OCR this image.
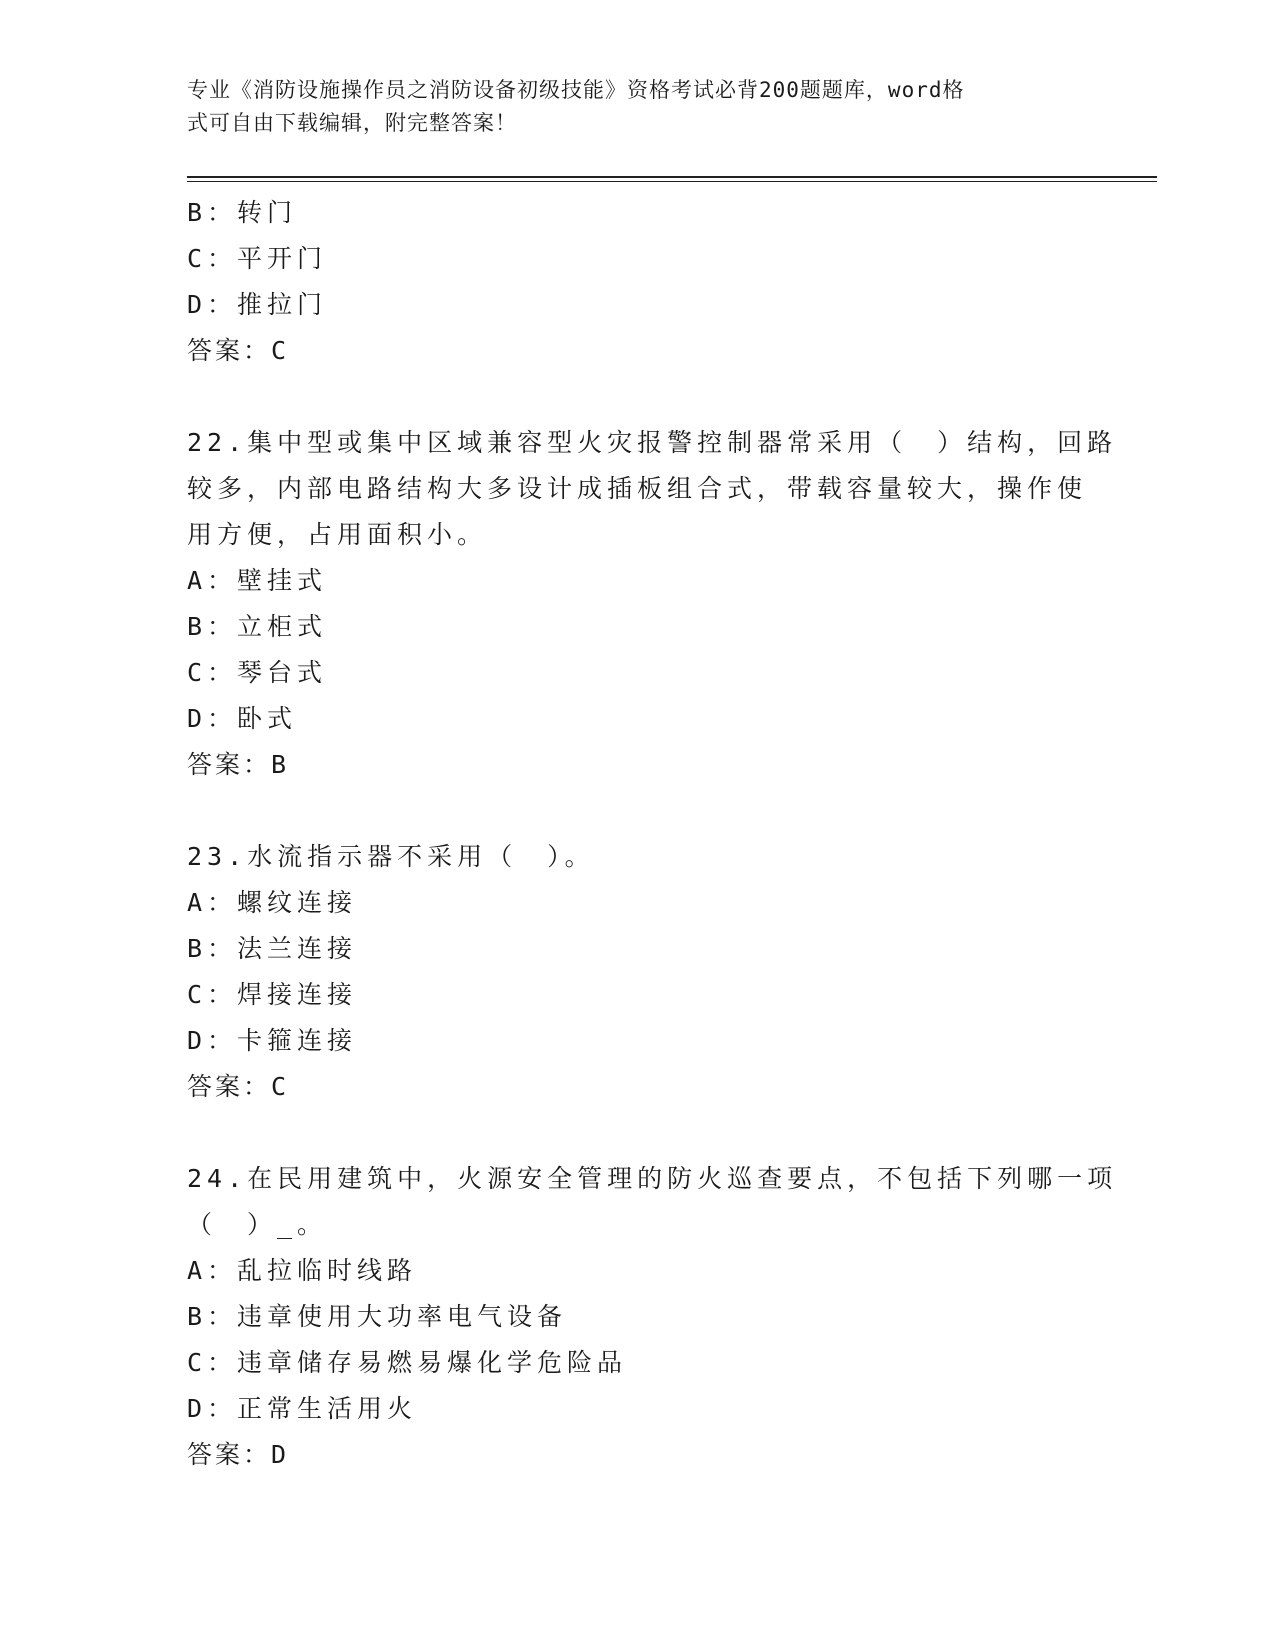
专业《消防设施操作员之消防设备初级技能》资格考试必背200题题库，word格
式可自由下载编辑，附完整答案！
B：转门
C：平开门
D：推拉门
答案：C
22.集中型或集中区域兼容型火灾报警控制器常采用（　）结构，回路
较多，内部电路结构大多设计成插板组合式，带载容量较大，操作使
用方便，占用面积小。
A：壁挂式
B：立柜式
C：琴台式
D：卧式
答案：B
23.水流指示器不采用（　）。
A：螺纹连接
B：法兰连接
C：焊接连接
D：卡箍连接
答案：C
24.在民用建筑中，火源安全管理的防火巡查要点，不包括下列哪一项
（　）_。
A：乱拉临时线路
B：违章使用大功率电气设备
C：违章储存易燃易爆化学危险品
D：正常生活用火
答案：D
